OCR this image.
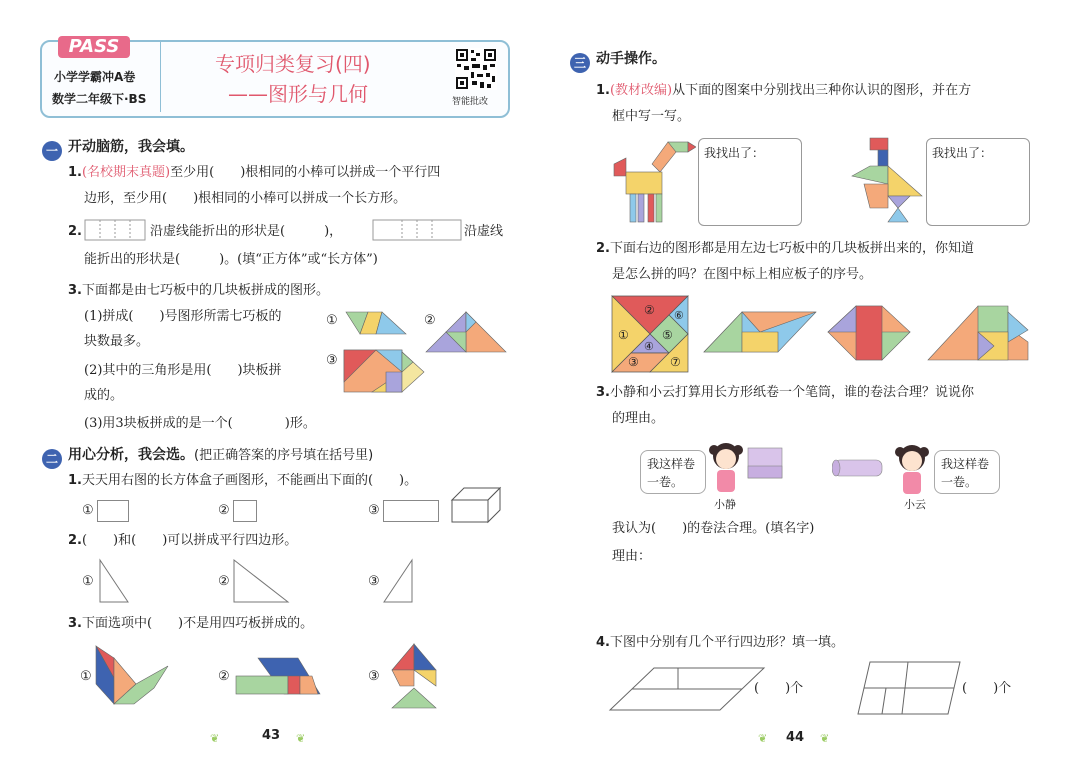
PASS
小学学霸冲A卷
数学二年级下·BS
专项归类复习(四)
——图形与几何	智能批改
一 开动脑筋，我会填。
1.(名校期末真题)至少用(　　)根相同的小棒可以拼成一个平行四
边形，至少用(　　)根相同的小棒可以拼成一个长方形。
2.	沿虚线能折出的形状是(　　　)，	沿虚线
能折出的形状是(　　　)。(填“正方体”或“长方体”)
3.下面都是由七巧板中的几块板拼成的图形。
(1)拼成(　　)号图形所需七巧板的
块数最多。
(2)其中的三角形是用(　　)块板拼
成的。
(3)用3块板拼成的是一个(　　　　)形。
①	②
③
二 用心分析，我会选。(把正确答案的序号填在括号里)
1.天天用右图的长方体盒子画图形，不能画出下面的(　　)。
①	②	③
2.(　　)和(　　)可以拼成平行四边形。
①	②	③
3.下面选项中(　　)不是用四巧板拼成的。
①	②	③
43
❦	❦
三 动手操作。
1.(教材改编)从下面的图案中分别找出三种你认识的图形，并在方
框中写一写。
我找出了：	我找出了：
2.下面右边的图形都是用左边七巧板中的几块板拼出来的，你知道
是怎么拼的吗？在图中标上相应板子的序号。
②
①
⑥
⑤
④
③	⑦
3.小静和小云打算用长方形纸卷一个笔筒，谁的卷法合理？说说你
的理由。
我这样卷一卷。
小静	小云
我这样卷一卷。
我认为(　　)的卷法合理。(填名字)
理由：
4.下图中分别有几个平行四边形？填一填。
(　　)个	(　　)个
44
❦	❦
